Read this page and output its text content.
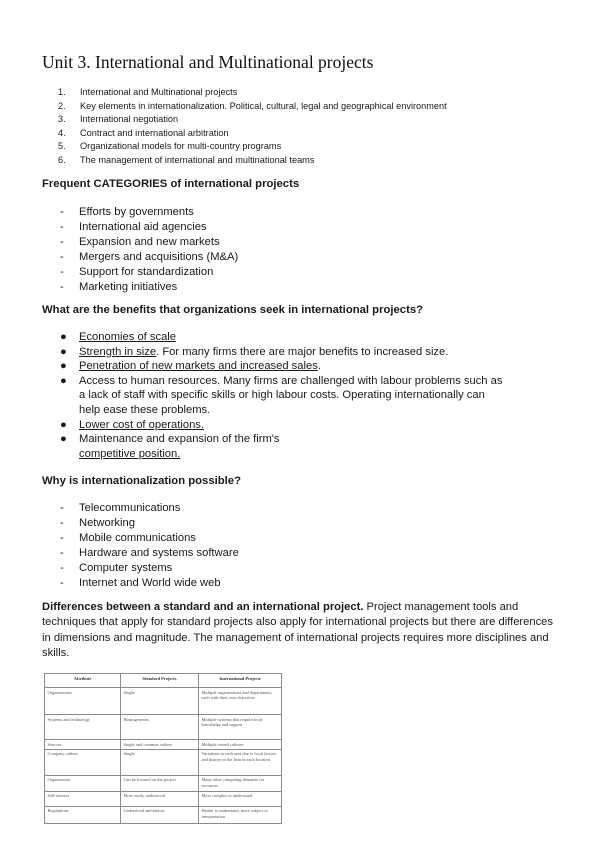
Unit 3. International and Multinational projects
1. International and Multinational projects
2. Key elements in internationalization. Political, cultural, legal and geographical environment
3. International negotiation
4. Contract and international arbitration
5. Organizational models for multi-country programs
6. The management of international and multinational teams
Frequent CATEGORIES of international projects
- Efforts by governments
- International aid agencies
- Expansion and new markets
- Mergers and acquisitions (M&A)
- Support for standardization
- Marketing initiatives
What are the benefits that organizations seek in international projects?
● Economies of scale
● Strength in size. For many firms there are major benefits to increased size.
● Penetration of new markets and increased sales.
● Access to human resources. Many firms are challenged with labour problems such as a lack of staff with specific skills or high labour costs. Operating internationally can help ease these problems.
● Lower cost of operations.
● Maintenance and expansion of the firm's
competitive position.
Why is internationalization possible?
- Telecommunications
- Networking
- Mobile communications
- Hardware and systems software
- Computer systems
- Internet and World wide web
Differences between a standard and an international project. Project management tools and techniques that apply for standard projects also apply for international projects but there are differences in dimensions and magnitude. The management of international projects requires more disciplines and skills.
Attribute	Standard Projects	International Projects
Organizations	Single	Multiple organizations and departments, each with their own objectives
Systems and technology	Homogeneous	Multiple systems that require local knowledge and support
Sources	Single and common culture	Multiple varied cultures
Company culture	Single	Variations in each area due to local factors and history of the firm in each location
Organization	Can be focused on the project	Many other competing demands for resources
Self-interest	More easily understood	More complex to understand
Regulations	Understood and known	Harder to understand, more subject to interpretation
